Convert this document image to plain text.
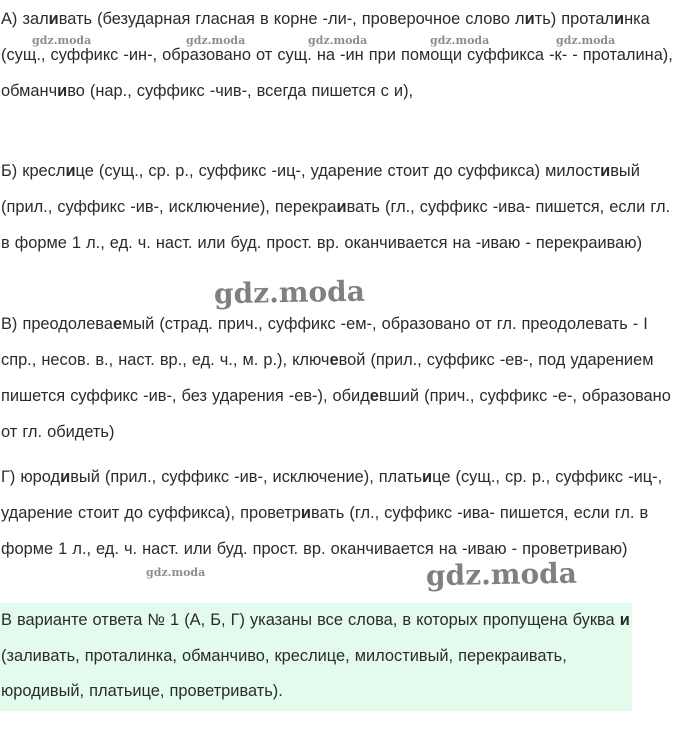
А) заливать (безударная гласная в корне -ли-, проверочное слово лить) проталинка (сущ., суффикс -ин-, образовано от сущ. на -ин при помощи суффикса -к- - проталина), обманчиво (нар., суффикс -чив-, всегда пишется с и),

Б) креслице (сущ., ср. р., суффикс -иц-, ударение стоит до суффикса) милостивый (прил., суффикс -ив-, исключение), перекраивать (гл., суффикс -ива- пишется, если гл. в форме 1 л., ед. ч. наст. или буд. прост. вр. оканчивается на -иваю - перекраиваю)

В) преодолеваемый (страд. прич., суффикс -ем-, образовано от гл. преодолевать - I спр., несов. в., наст. вр., ед. ч., м. р.), ключевой (прил., суффикс -ев-, под ударением пишется суффикс -ив-, без ударения -ев-), обидевший (прич., суффикс -е-, образовано от гл. обидеть)

Г) юродивый (прил., суффикс -ив-, исключение), платьице (сущ., ср. р., суффикс -иц-, ударение стоит до суффикса), проветривать (гл., суффикс -ива- пишется, если гл. в форме 1 л., ед. ч. наст. или буд. прост. вр. оканчивается на -иваю - проветриваю)

В варианте ответа № 1 (А, Б, Г) указаны все слова, в которых пропущена буква и (заливать, проталинка, обманчиво, креслице, милостивый, перекраивать, юродивый, платьице, проветривать).

gdz.moda	gdz.moda	gdz.moda	gdz.moda	gdz.moda
gdz.moda
gdz.moda
gdz.moda
